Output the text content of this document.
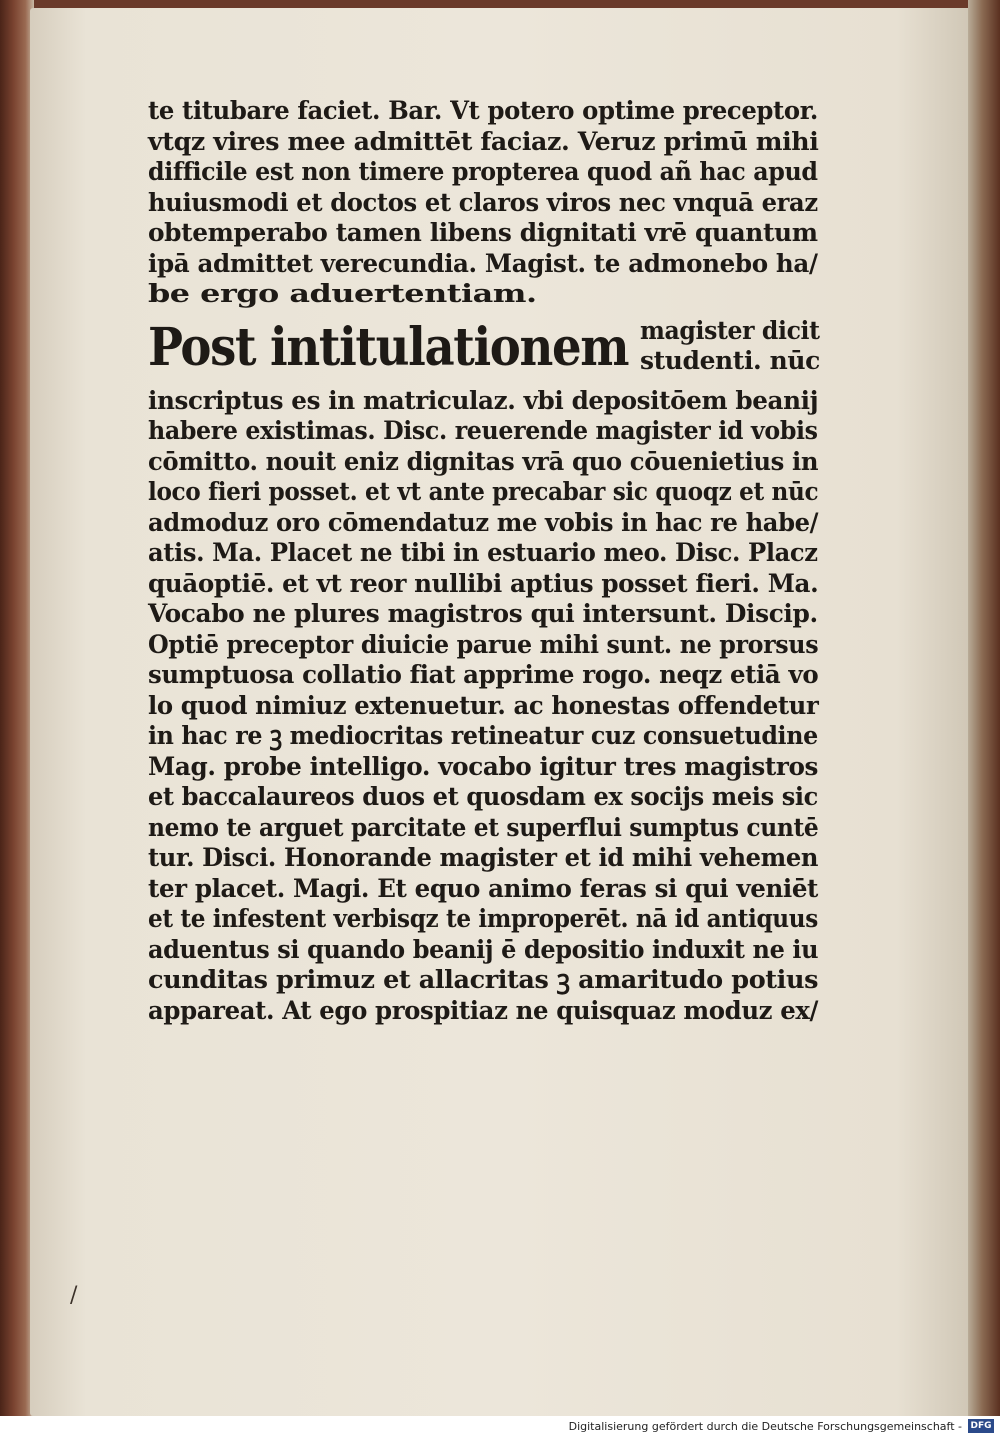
te titubare faciet. Bar. Vt potero optime preceptor.
vtqz vires mee admittēt faciaz. Veruz primū mihi
difficile est non timere propterea quod añ hac apud
huiusmodi et doctos et claros viros nec vnquā eraz
obtemperabo tamen libens dignitati vrē quantum
ipā admittet verecundia. Magist. te admonebo ha/
be ergo aduertentiam.
Post intitulationem magister dicit
studenti. nūc
inscriptus es in matriculaz. vbi depositōem beanij
habere existimas. Disc. reuerende magister id vobis
cōmitto. nouit eniz dignitas vrā quo cōuenietius in
loco fieri posset. et vt ante precabar sic quoqz et nūc
admoduz oro cōmendatuz me vobis in hac re habe/
atis. Ma. Placet ne tibi in estuario meo. Disc. Placz
quāoptiē. et vt reor nullibi aptius posset fieri. Ma.
Vocabo ne plures magistros qui intersunt. Discip.
Optiē preceptor diuicie parue mihi sunt. ne prorsus
sumptuosa collatio fiat apprime rogo. neqz etiā vo
lo quod nimiuz extenuetur. ac honestas offendetur
in hac re ꝫ mediocritas retineatur cuz consuetudine
Mag. probe intelligo. vocabo igitur tres magistros
et baccalaureos duos et quosdam ex socijs meis sic
nemo te arguet parcitate et superflui sumptus cuntē
tur. Disci. Honorande magister et id mihi vehemen
ter placet. Magi. Et equo animo feras si qui veniēt
et te infestent verbisqz te improperēt. nā id antiquus
aduentus si quando beanij ē depositio induxit ne iu
cunditas primuz et allacritas ꝫ amaritudo potius
appareat. At ego prospitiaz ne quisquaz moduz ex/
/
Digitalisierung gefördert durch die Deutsche Forschungsgemeinschaft - DFG
